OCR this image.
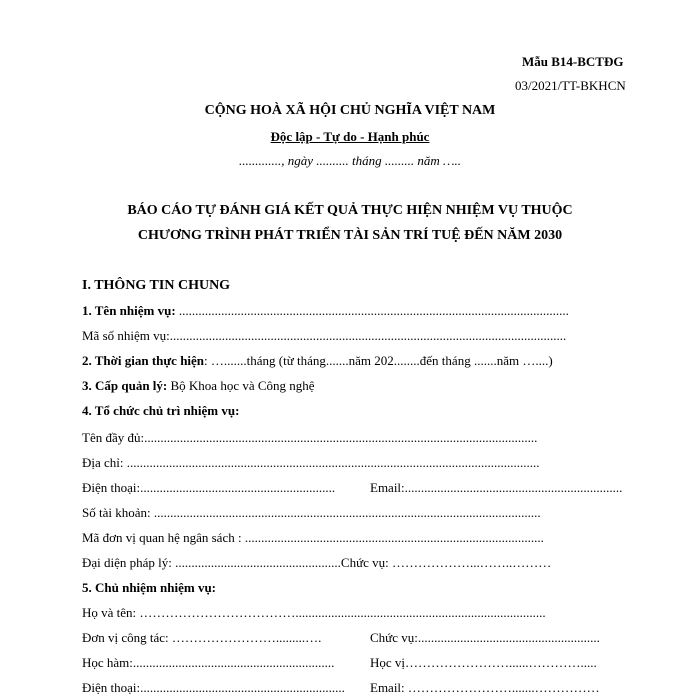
Mẫu B14-BCTĐG
03/2021/TT-BKHCN
CỘNG HOÀ XÃ HỘI CHỦ NGHĨA VIỆT NAM
Độc lập - Tự do - Hạnh phúc
............., ngày .......... tháng ......... năm …..
BÁO CÁO TỰ ĐÁNH GIÁ KẾT QUẢ THỰC HIỆN NHIỆM VỤ THUỘC
CHƯƠNG TRÌNH PHÁT TRIỂN TÀI SẢN TRÍ TUỆ ĐẾN NĂM 2030
I. THÔNG TIN CHUNG
1. Tên nhiệm vụ: ........................................................................................................................
Mã số nhiệm vụ:..........................................................................................................................
2. Thời gian thực hiện: ….......tháng (từ tháng.......năm 202........đến tháng .......năm …....)
3. Cấp quản lý: Bộ Khoa học và Công nghệ
4. Tổ chức chủ trì nhiệm vụ:
Tên đầy đủ:.........................................................................................................................
Địa chỉ: ...............................................................................................................................
Điện thoại:............................................................	Email:...................................................................
Số tài khoản: .......................................................................................................................
Mã đơn vị quan hệ ngân sách : ............................................................................................
Đại diện pháp lý: ...................................................Chức vụ: ………………...……..………
5. Chủ nhiệm nhiệm vụ:
Họ và tên: ……………………………….............................................................................
Đơn vị công tác: …………………….........….	Chức vụ:........................................................
Học hàm:..............................................................	Học vị……………………......………….....
Điện thoại:............................................................... Email: …………………….......……………
